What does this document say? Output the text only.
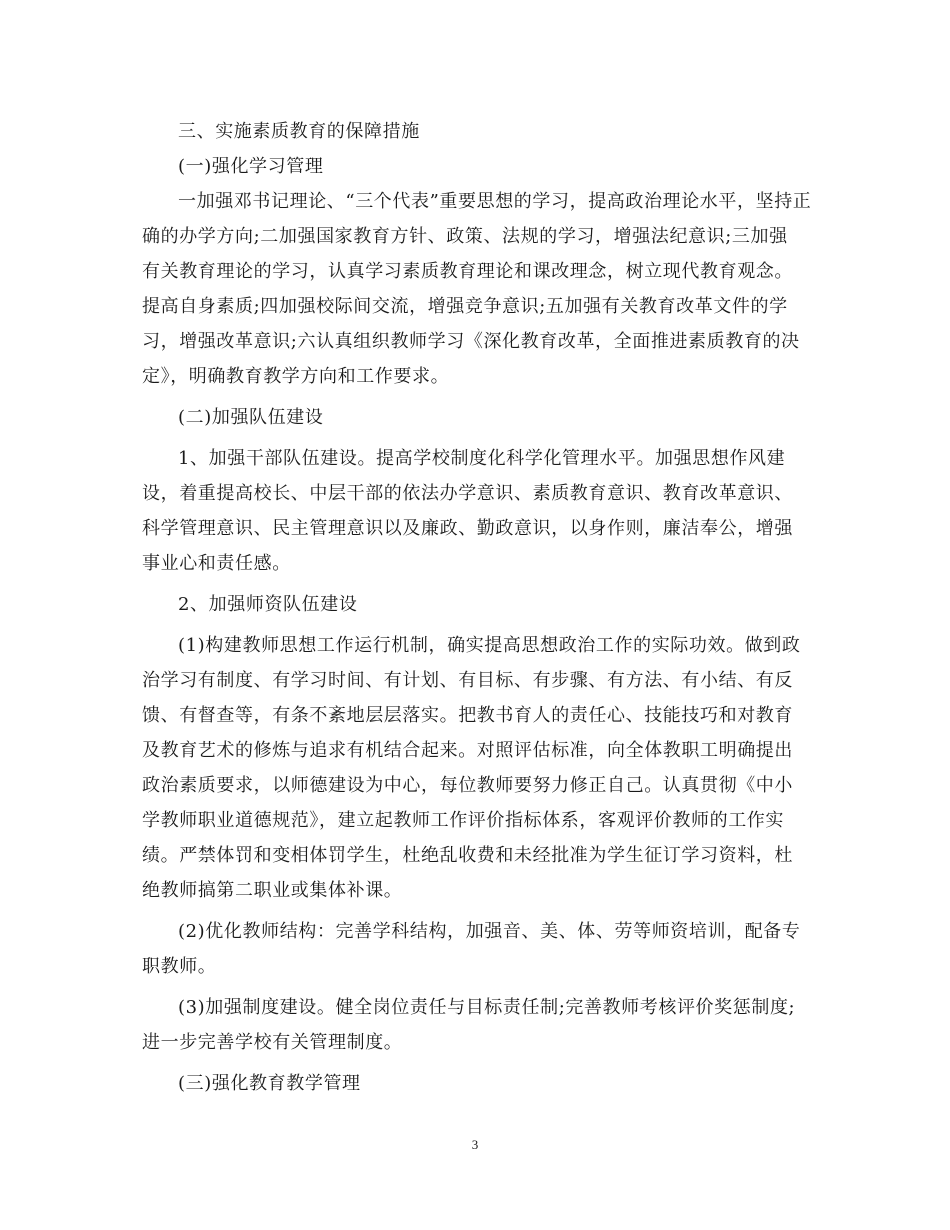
三、实施素质教育的保障措施
(一)强化学习管理
一加强邓书记理论、“三个代表”重要思想的学习，提高政治理论水平，坚持正
确的办学方向;二加强国家教育方针、政策、法规的学习，增强法纪意识;三加强
有关教育理论的学习，认真学习素质教育理论和课改理念，树立现代教育观念。
提高自身素质;四加强校际间交流，增强竞争意识;五加强有关教育改革文件的学
习，增强改革意识;六认真组织教师学习《深化教育改革，全面推进素质教育的决
定》，明确教育教学方向和工作要求。
(二)加强队伍建设
1、加强干部队伍建设。提高学校制度化科学化管理水平。加强思想作风建
设，着重提高校长、中层干部的依法办学意识、素质教育意识、教育改革意识、
科学管理意识、民主管理意识以及廉政、勤政意识，以身作则，廉洁奉公，增强
事业心和责任感。
2、加强师资队伍建设
(1)构建教师思想工作运行机制，确实提高思想政治工作的实际功效。做到政
治学习有制度、有学习时间、有计划、有目标、有步骤、有方法、有小结、有反
馈、有督查等，有条不紊地层层落实。把教书育人的责任心、技能技巧和对教育
及教育艺术的修炼与追求有机结合起来。对照评估标准，向全体教职工明确提出
政治素质要求，以师德建设为中心，每位教师要努力修正自己。认真贯彻《中小
学教师职业道德规范》，建立起教师工作评价指标体系，客观评价教师的工作实
绩。严禁体罚和变相体罚学生，杜绝乱收费和未经批准为学生征订学习资料，杜
绝教师搞第二职业或集体补课。
(2)优化教师结构：完善学科结构，加强音、美、体、劳等师资培训，配备专
职教师。
(3)加强制度建设。健全岗位责任与目标责任制;完善教师考核评价奖惩制度;
进一步完善学校有关管理制度。
(三)强化教育教学管理
3
